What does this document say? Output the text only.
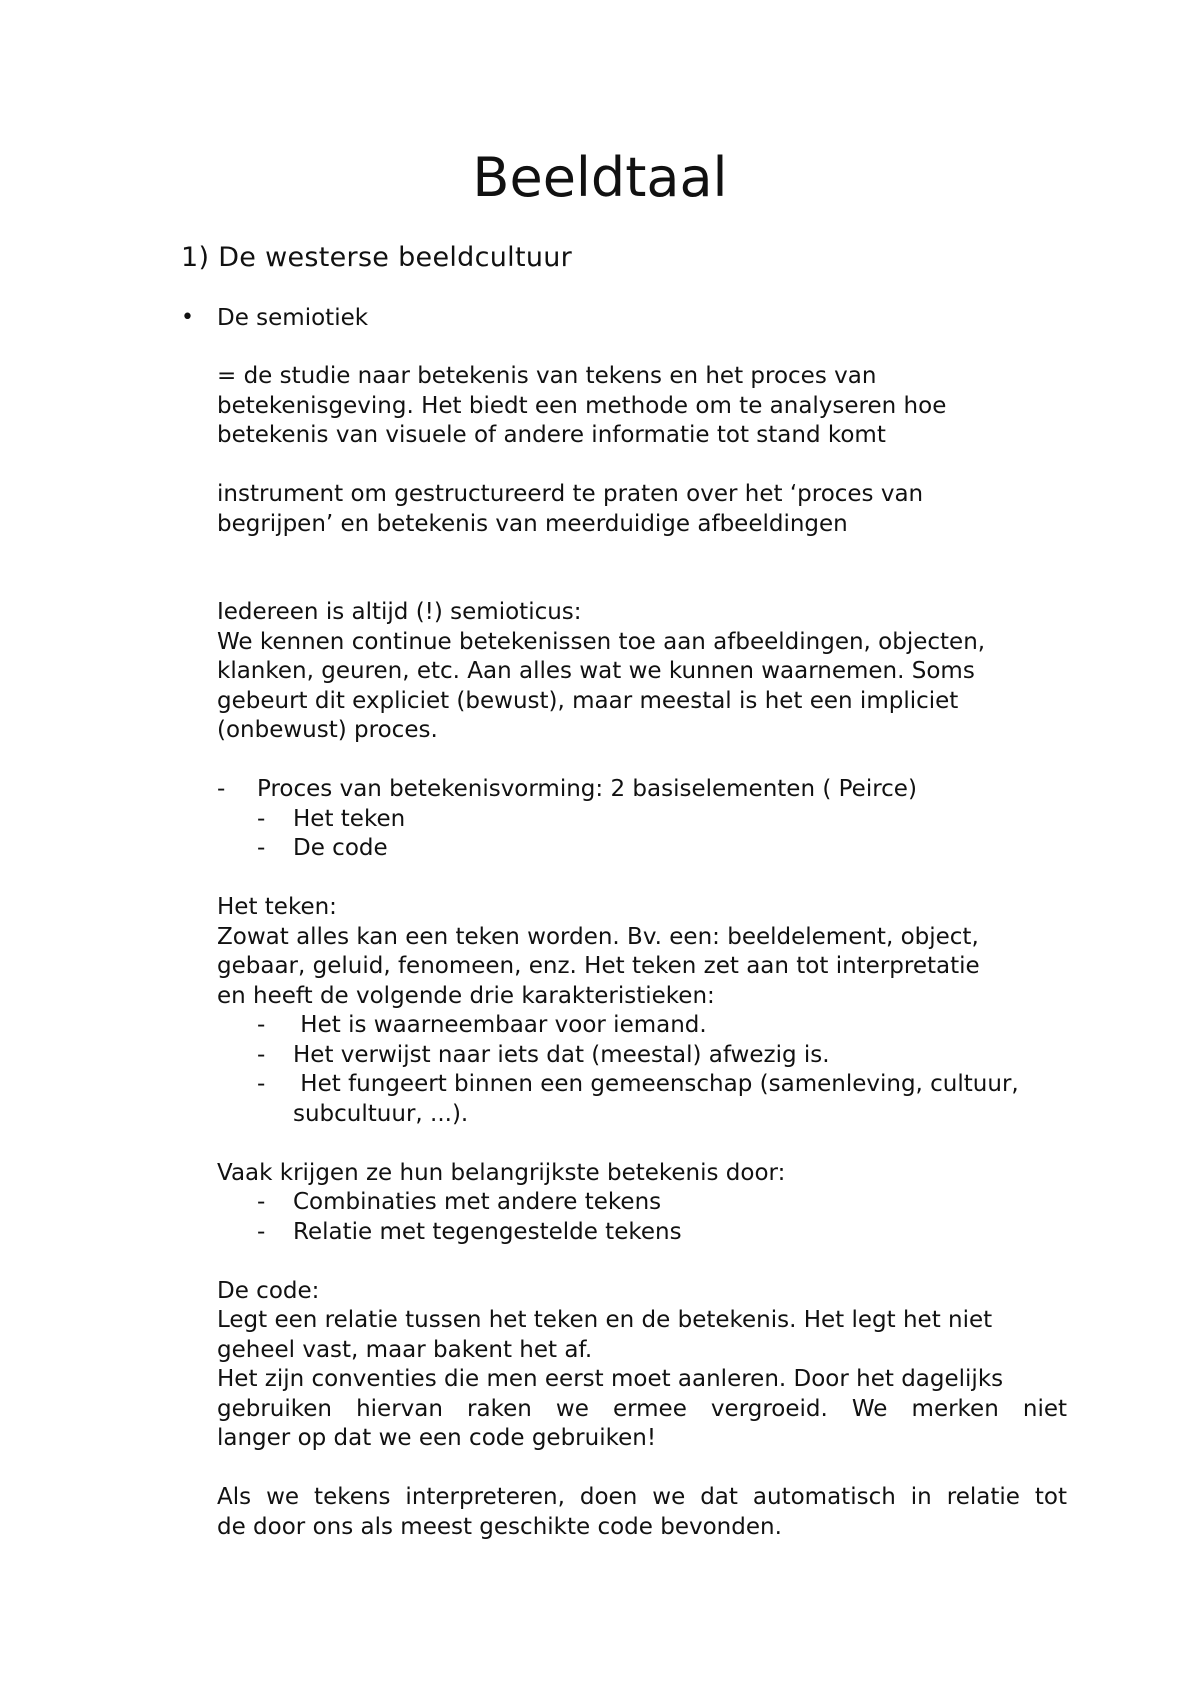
Beeldtaal
1) De westerse beeldcultuur
•	De semiotiek
= de studie naar betekenis van tekens en het proces van
betekenisgeving. Het biedt een methode om te analyseren hoe
betekenis van visuele of andere informatie tot stand komt
instrument om gestructureerd te praten over het ‘proces van
begrijpen’ en betekenis van meerduidige afbeeldingen
Iedereen is altijd (!) semioticus:
We kennen continue betekenissen toe aan afbeeldingen, objecten,
klanken, geuren, etc. Aan alles wat we kunnen waarnemen. Soms
gebeurt dit expliciet (bewust), maar meestal is het een impliciet
(onbewust) proces.
- Proces van betekenisvorming: 2 basiselementen ( Peirce)
- Het teken
- De code
Het teken:
Zowat alles kan een teken worden. Bv. een: beeldelement, object,
gebaar, geluid, fenomeen, enz. Het teken zet aan tot interpretatie
en heeft de volgende drie karakteristieken:
- Het is waarneembaar voor iemand.
- Het verwijst naar iets dat (meestal) afwezig is.
- Het fungeert binnen een gemeenschap (samenleving, cultuur,
subcultuur, ...).
Vaak krijgen ze hun belangrijkste betekenis door:
- Combinaties met andere tekens
- Relatie met tegengestelde tekens
De code:
Legt een relatie tussen het teken en de betekenis. Het legt het niet
geheel vast, maar bakent het af.
Het zijn conventies die men eerst moet aanleren. Door het dagelijks
gebruiken hiervan raken we ermee vergroeid. We merken niet
langer op dat we een code gebruiken!
Als we tekens interpreteren, doen we dat automatisch in relatie tot
de door ons als meest geschikte code bevonden.
